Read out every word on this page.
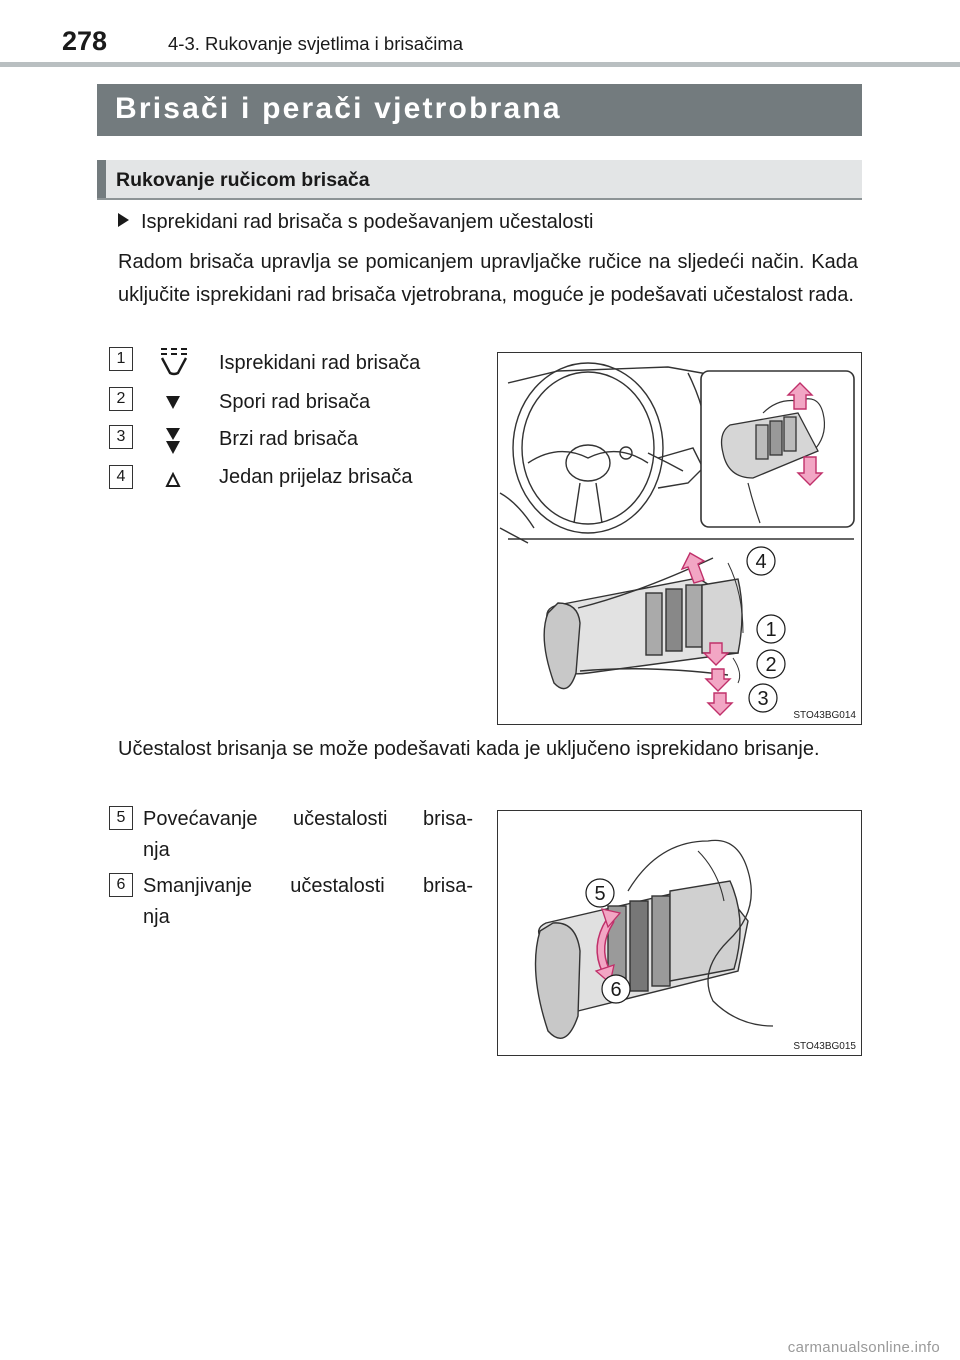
278	4-3. Rukovanje svjetlima i brisačima
Brisači i perači vjetrobrana
Rukovanje ručicom brisača
Isprekidani rad brisača s podešavanjem učestalosti
Radom brisača upravlja se pomicanjem upravljačke ručice na sljedeći način. Kada uključite isprekidani rad brisača vjetrobrana, moguće je podešavati učestalost rada.
1	Isprekidani rad brisača
2	Spori rad brisača
3	Brzi rad brisača
4	Jedan prijelaz brisača
4
1
2
3
STO43BG014
Učestalost brisanja se može podešavati kada je uključeno isprekidano brisanje.
5 Povećavanje učestalosti brisa-
nja
6 Smanjivanje učestalosti brisa-
nja
5
6
STO43BG015
carmanualsonline.info
